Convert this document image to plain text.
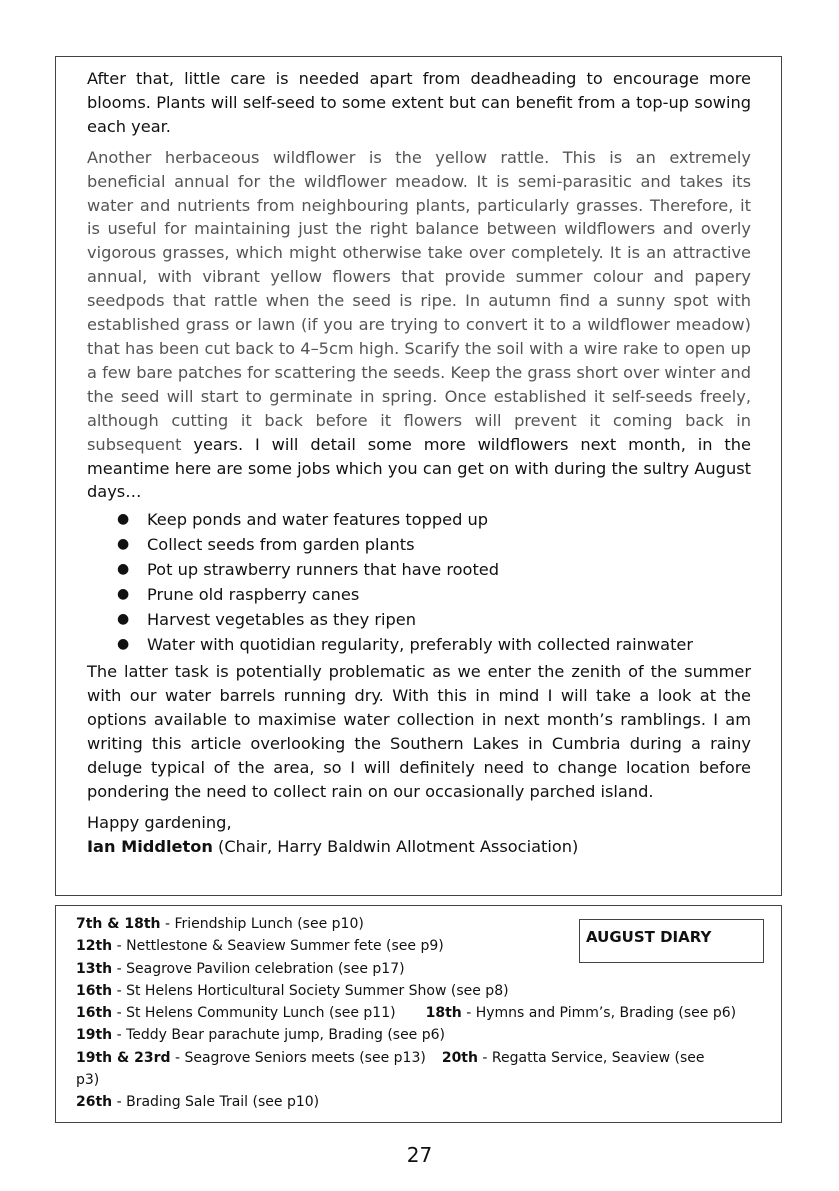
After that, little care is needed apart from deadheading to encourage more blooms. Plants will self-seed to some extent but can benefit from a top-up sowing each year.

Another herbaceous wildflower is the yellow rattle. This is an extremely beneficial annual for the wildflower meadow. It is semi-parasitic and takes its water and nutrients from neighbouring plants, particularly grasses. Therefore, it is useful for maintaining just the right balance between wildflowers and overly vigorous grasses, which might otherwise take over completely. It is an attractive annual, with vibrant yellow flowers that provide summer colour and papery seedpods that rattle when the seed is ripe. In autumn find a sunny spot with established grass or lawn (if you are trying to convert it to a wildflower meadow) that has been cut back to 4–5cm high. Scarify the soil with a wire rake to open up a few bare patches for scattering the seeds. Keep the grass short over winter and the seed will start to germinate in spring. Once established it self-seeds freely, although cutting it back before it flowers will prevent it coming back in subsequent years. I will detail some more wildflowers next month, in the meantime here are some jobs which you can get on with during the sultry August days…

● Keep ponds and water features topped up
● Collect seeds from garden plants
● Pot up strawberry runners that have rooted
● Prune old raspberry canes
● Harvest vegetables as they ripen
● Water with quotidian regularity, preferably with collected rainwater

The latter task is potentially problematic as we enter the zenith of the summer with our water barrels running dry. With this in mind I will take a look at the options available to maximise water collection in next month’s ramblings. I am writing this article overlooking the Southern Lakes in Cumbria during a rainy deluge typical of the area, so I will definitely need to change location before pondering the need to collect rain on our occasionally parched island.

Happy gardening,

Ian Middleton (Chair, Harry Baldwin Allotment Association)

AUGUST DIARY
7th & 18th - Friendship Lunch (see p10)
12th - Nettlestone & Seaview Summer fete (see p9)
13th - Seagrove Pavilion celebration (see p17)
16th - St Helens Horticultural Society Summer Show (see p8)
16th - St Helens Community Lunch (see p11) 18th - Hymns and Pimm’s, Brading (see p6)
19th - Teddy Bear parachute jump, Brading (see p6)
19th & 23rd - Seagrove Seniors meets (see p13) 20th - Regatta Service, Seaview (see
p3)
26th - Brading Sale Trail (see p10)
27
